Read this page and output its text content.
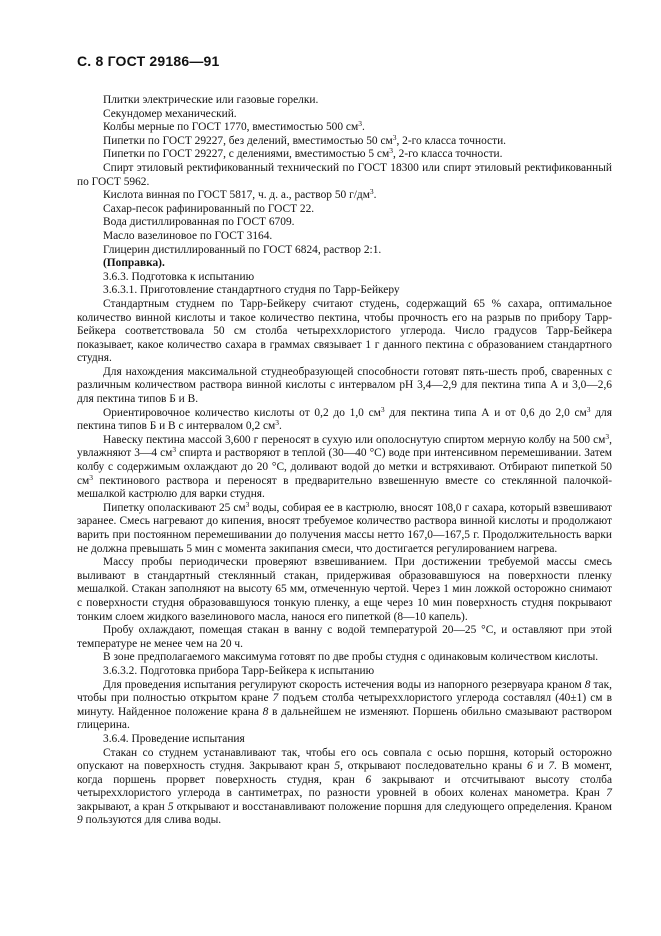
С. 8 ГОСТ 29186—91

Плитки электрические или газовые горелки.

Секундомер механический.

Колбы мерные по ГОСТ 1770, вместимостью 500 $см^3$.

Пипетки по ГОСТ 29227, без делений, вместимостью 50 $см^3$, 2-го класса точности.

Пипетки по ГОСТ 29227, с делениями, вместимостью 5 $см^3$, 2-го класса точности.

Спирт этиловый ректификованный технический по ГОСТ 18300 или спирт этиловый ректификованный по ГОСТ 5962.

Кислота винная по ГОСТ 5817, ч. д. а., раствор 50 $г/дм^3$.

Сахар-песок рафинированный по ГОСТ 22.

Вода дистиллированная по ГОСТ 6709.

Масло вазелиновое по ГОСТ 3164.

Глицерин дистиллированный по ГОСТ 6824, раствор 2:1.

(Поправка).

3.6.3. Подготовка к испытанию

3.6.3.1. Приготовление стандартного студня по Тарр-Бейкеру

Стандартным студнем по Тарр-Бейкеру считают студень, содержащий 65 % сахара, оптимальное количество винной кислоты и такое количество пектина, чтобы прочность его на разрыв по прибору Тарр-Бейкера соответствовала 50 см столба четыреххлористого углерода. Число градусов Тарр-Бейкера показывает, какое количество сахара в граммах связывает 1 г данного пектина с образованием стандартного студня.

Для нахождения максимальной студнеобразующей способности готовят пять-шесть проб, сваренных с различным количеством раствора винной кислоты с интервалом pH 3,4—2,9 для пектина типа А и 3,0—2,6 для пектина типов Б и В.

Ориентировочное количество кислоты от 0,2 до 1,0 $см^3$ для пектина типа А и от 0,6 до 2,0 $см^3$ для пектина типов Б и В с интервалом 0,2 $см^3$.

Навеску пектина массой 3,600 г переносят в сухую или ополоснутую спиртом мерную колбу на 500 $см^3$, увлажняют 3—4 $см^3$ спирта и растворяют в теплой (30—40 °С) воде при интенсивном перемешивании. Затем колбу с содержимым охлаждают до 20 °С, доливают водой до метки и встряхивают. Отбирают пипеткой 50 $см^3$ пектинового раствора и переносят в предварительно взвешенную вместе со стеклянной палочкой-мешалкой кастрюлю для варки студня.

Пипетку ополаскивают 25 $см^3$ воды, собирая ее в кастрюлю, вносят 108,0 г сахара, который взвешивают заранее. Смесь нагревают до кипения, вносят требуемое количество раствора винной кислоты и продолжают варить при постоянном перемешивании до получения массы нетто 167,0—167,5 г. Продолжительность варки не должна превышать 5 мин с момента закипания смеси, что достигается регулированием нагрева.

Массу пробы периодически проверяют взвешиванием. При достижении требуемой массы смесь выливают в стандартный стеклянный стакан, придерживая образовавшуюся на поверхности пленку мешалкой. Стакан заполняют на высоту 65 мм, отмеченную чертой. Через 1 мин ложкой осторожно снимают с поверхности студня образовавшуюся тонкую пленку, а еще через 10 мин поверхность студня покрывают тонким слоем жидкого вазелинового масла, нанося его пипеткой (8—10 капель).

Пробу охлаждают, помещая стакан в ванну с водой температурой 20—25 °С, и оставляют при этой температуре не менее чем на 20 ч.

В зоне предполагаемого максимума готовят по две пробы студня с одинаковым количеством кислоты.

3.6.3.2. Подготовка прибора Тарр-Бейкера к испытанию

Для проведения испытания регулируют скорость истечения воды из напорного резервуара краном 8 так, чтобы при полностью открытом кране 7 подъем столба четыреххлористого углерода составлял (40±1) см в минуту. Найденное положение крана 8 в дальнейшем не изменяют. Поршень обильно смазывают раствором глицерина.

3.6.4. Проведение испытания

Стакан со студнем устанавливают так, чтобы его ось совпала с осью поршня, который осторожно опускают на поверхность студня. Закрывают кран 5, открывают последовательно краны 6 и 7. В момент, когда поршень прорвет поверхность студня, кран 6 закрывают и отсчитывают высоту столба четыреххлористого углерода в сантиметрах, по разности уровней в обоих коленах манометра. Кран 7 закрывают, а кран 5 открывают и восстанавливают положение поршня для следующего определения. Краном 9 пользуются для слива воды.
